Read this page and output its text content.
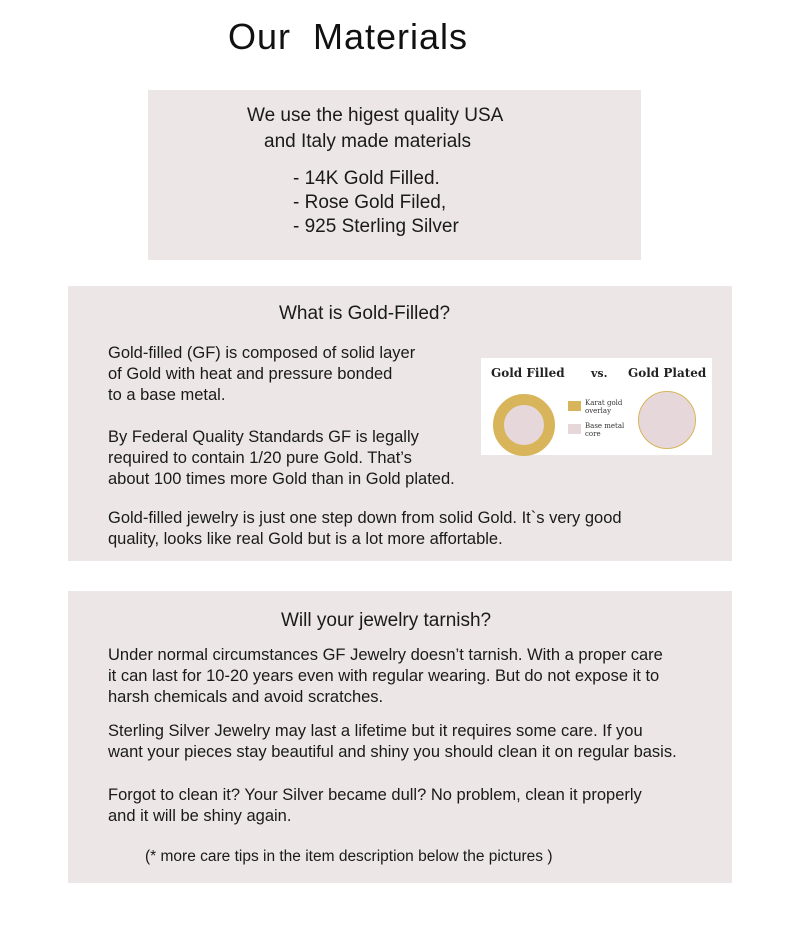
Our  Materials
We use the higest quality USA
and Italy made materials
- 14K Gold Filled.
- Rose Gold Filed,
- 925 Sterling Silver
What is Gold-Filled?
Gold-filled (GF) is composed of solid layer
of Gold with heat and pressure bonded
to a base metal.
By Federal Quality Standards GF is legally
required to contain 1/20 pure Gold. That’s
about 100 times more Gold than in Gold plated.
Gold-filled jewelry is just one step down from solid Gold. It`s very good
quality, looks like real Gold but is a lot more affortable.
Gold Filled vs. Gold Plated
Karat gold
overlay
Base metal
core
Will your jewelry tarnish?
Under normal circumstances GF Jewelry doesn’t tarnish. With a proper care
it can last for 10-20 years even with regular wearing. But do not expose it to
harsh chemicals and avoid scratches.
Sterling Silver Jewelry may last a lifetime but it requires some care. If you
want your pieces stay beautiful and shiny you should clean it on regular basis.
Forgot to clean it? Your Silver became dull? No problem, clean it properly
and it will be shiny again.
(* more care tips in the item description below the pictures )
